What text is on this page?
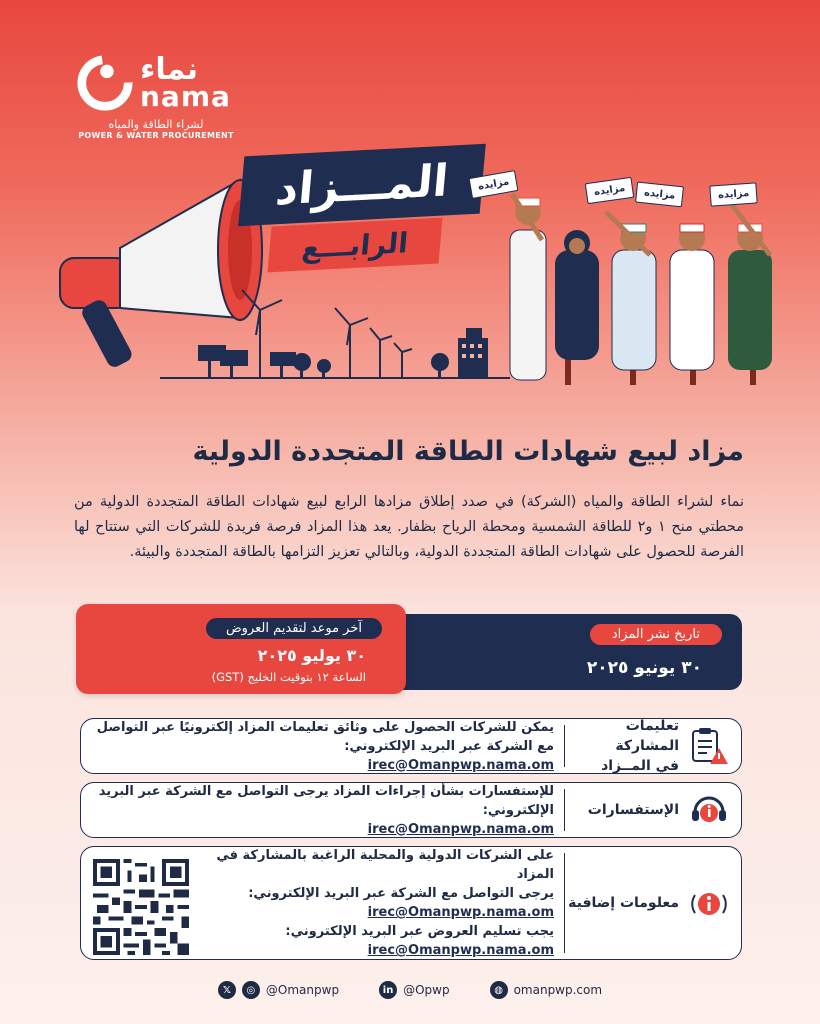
نماء
nama
لشراء الطاقة والمياه
POWER & WATER PROCUREMENT
المـــزاد
الرابـــع
مزايده	مزايده	مزايده	مزايده
مزاد لبيع شهادات الطاقة المتجددة الدولية

نماء لشراء الطاقة والمياه (الشركة) في صدد إطلاق مزادها الرابع لبيع شهادات الطاقة المتجددة الدولية من محطتي منح ١ و٢ للطاقة الشمسية ومحطة الرياح بظفار. يعد هذا المزاد فرصة فريدة للشركات التي ستتاح لها الفرصة للحصول على شهادات الطاقة المتجددة الدولية، وبالتالي تعزيز التزامها بالطاقة المتجددة والبيئة.

تاريخ نشر المزاد
٣٠ يونيو ٢٠٢٥
آخر موعد لتقديم العروض
٣٠ يوليو ٢٠٢٥
الساعة ١٢ بتوقيت الخليج (GST)
تعليمات المشاركة
في المــزاد
يمكن للشركات الحصول على وثائق تعليمات المزاد إلكترونيًا عبر التواصل مع الشركة عبر البريد الإلكتروني:
irec@Omanpwp.nama.om
الإستفسارات
للإستفسارات بشأن إجراءات المزاد يرجى التواصل مع الشركة عبر البريد الإلكتروني:
irec@Omanpwp.nama.om
معلومات إضافية
على الشركات الدولية والمحلية الراغبة بالمشاركة في المزاد
يرجى التواصل مع الشركة عبر البريد الإلكتروني:
irec@Omanpwp.nama.om
يجب تسليم العروض عبر البريد الإلكتروني:
irec@Omanpwp.nama.om
𝕏	◎ @Omanpwp	in @Opwp	◍ omanpwp.com
